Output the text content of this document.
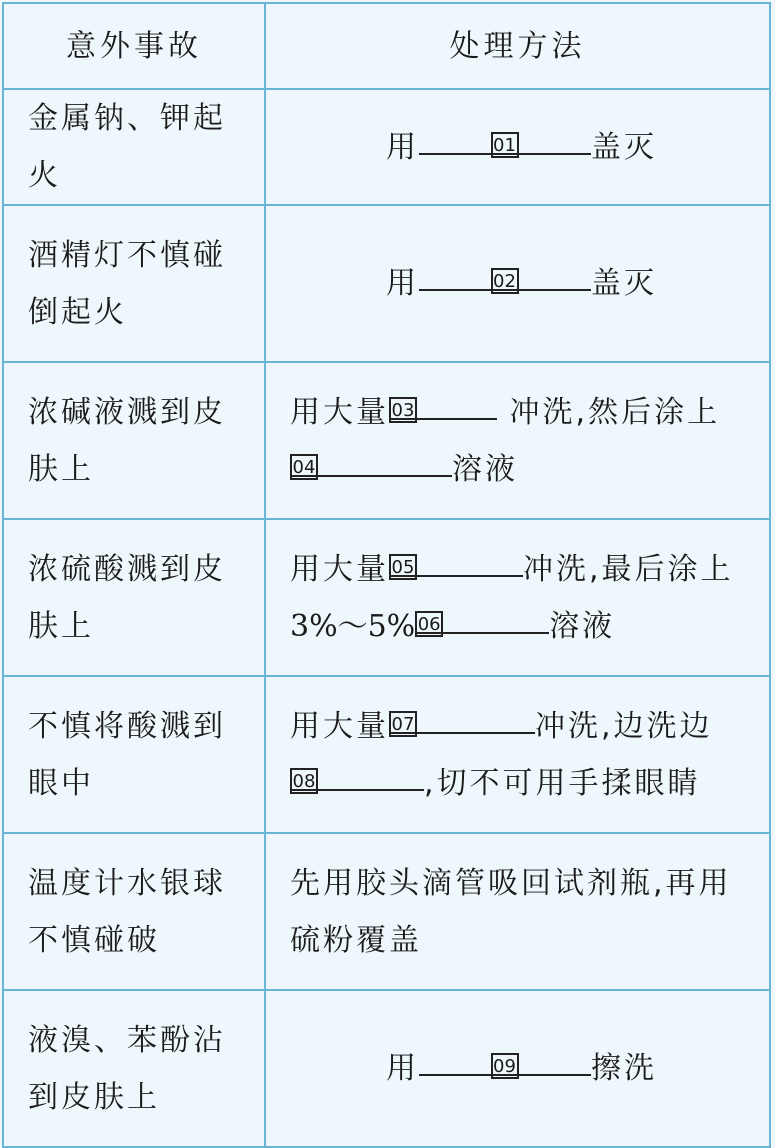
意外事故	处理方法
金属钠、钾起火	用 01 盖灭
酒精灯不慎碰倒起火	用 02 盖灭
浓碱液溅到皮肤上	用大量 03 冲洗,然后涂上
04 溶液
浓硫酸溅到皮肤上	用大量 05 冲洗,最后涂上
3%～5% 06 溶液
不慎将酸溅到眼中	用大量 07 冲洗,边洗边
08 ,切不可用手揉眼睛
温度计水银球不慎碰破	先用胶头滴管吸回试剂瓶,再用硫粉覆盖
液溴、苯酚沾到皮肤上	用 09 擦洗
